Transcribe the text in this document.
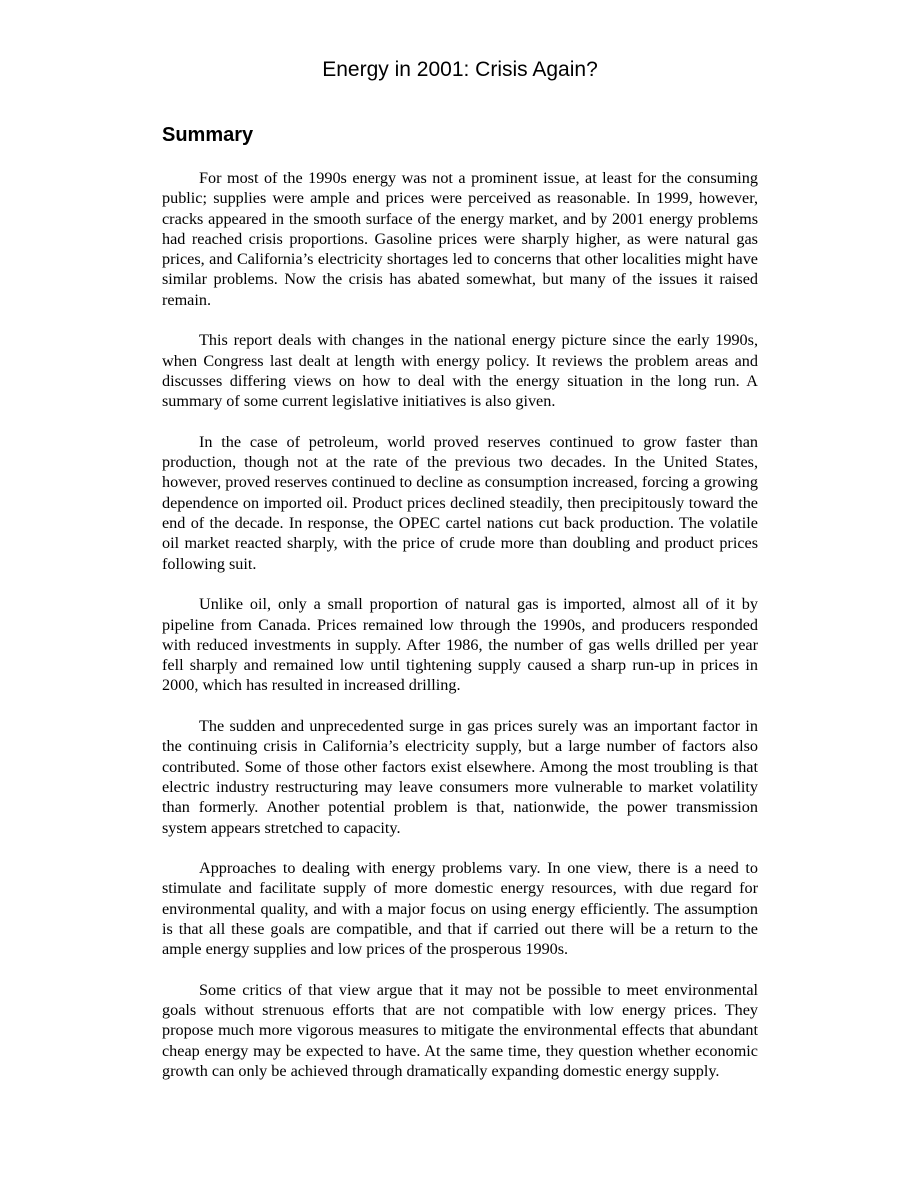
Energy in 2001: Crisis Again?
Summary

For most of the 1990s energy was not a prominent issue, at least for the consuming public; supplies were ample and prices were perceived as reasonable. In 1999, however, cracks appeared in the smooth surface of the energy market, and by 2001 energy problems had reached crisis proportions. Gasoline prices were sharply higher, as were natural gas prices, and California’s electricity shortages led to concerns that other localities might have similar problems. Now the crisis has abated somewhat, but many of the issues it raised remain.

This report deals with changes in the national energy picture since the early 1990s, when Congress last dealt at length with energy policy. It reviews the problem areas and discusses differing views on how to deal with the energy situation in the long run. A summary of some current legislative initiatives is also given.

In the case of petroleum, world proved reserves continued to grow faster than production, though not at the rate of the previous two decades. In the United States, however, proved reserves continued to decline as consumption increased, forcing a growing dependence on imported oil. Product prices declined steadily, then precipitously toward the end of the decade. In response, the OPEC cartel nations cut back production. The volatile oil market reacted sharply, with the price of crude more than doubling and product prices following suit.

Unlike oil, only a small proportion of natural gas is imported, almost all of it by pipeline from Canada. Prices remained low through the 1990s, and producers responded with reduced investments in supply. After 1986, the number of gas wells drilled per year fell sharply and remained low until tightening supply caused a sharp run-up in prices in 2000, which has resulted in increased drilling.

The sudden and unprecedented surge in gas prices surely was an important factor in the continuing crisis in California’s electricity supply, but a large number of factors also contributed. Some of those other factors exist elsewhere. Among the most troubling is that electric industry restructuring may leave consumers more vulnerable to market volatility than formerly. Another potential problem is that, nationwide, the power transmission system appears stretched to capacity.

Approaches to dealing with energy problems vary. In one view, there is a need to stimulate and facilitate supply of more domestic energy resources, with due regard for environmental quality, and with a major focus on using energy efficiently. The assumption is that all these goals are compatible, and that if carried out there will be a return to the ample energy supplies and low prices of the prosperous 1990s.

Some critics of that view argue that it may not be possible to meet environmental goals without strenuous efforts that are not compatible with low energy prices. They propose much more vigorous measures to mitigate the environmental effects that abundant cheap energy may be expected to have. At the same time, they question whether economic growth can only be achieved through dramatically expanding domestic energy supply.
